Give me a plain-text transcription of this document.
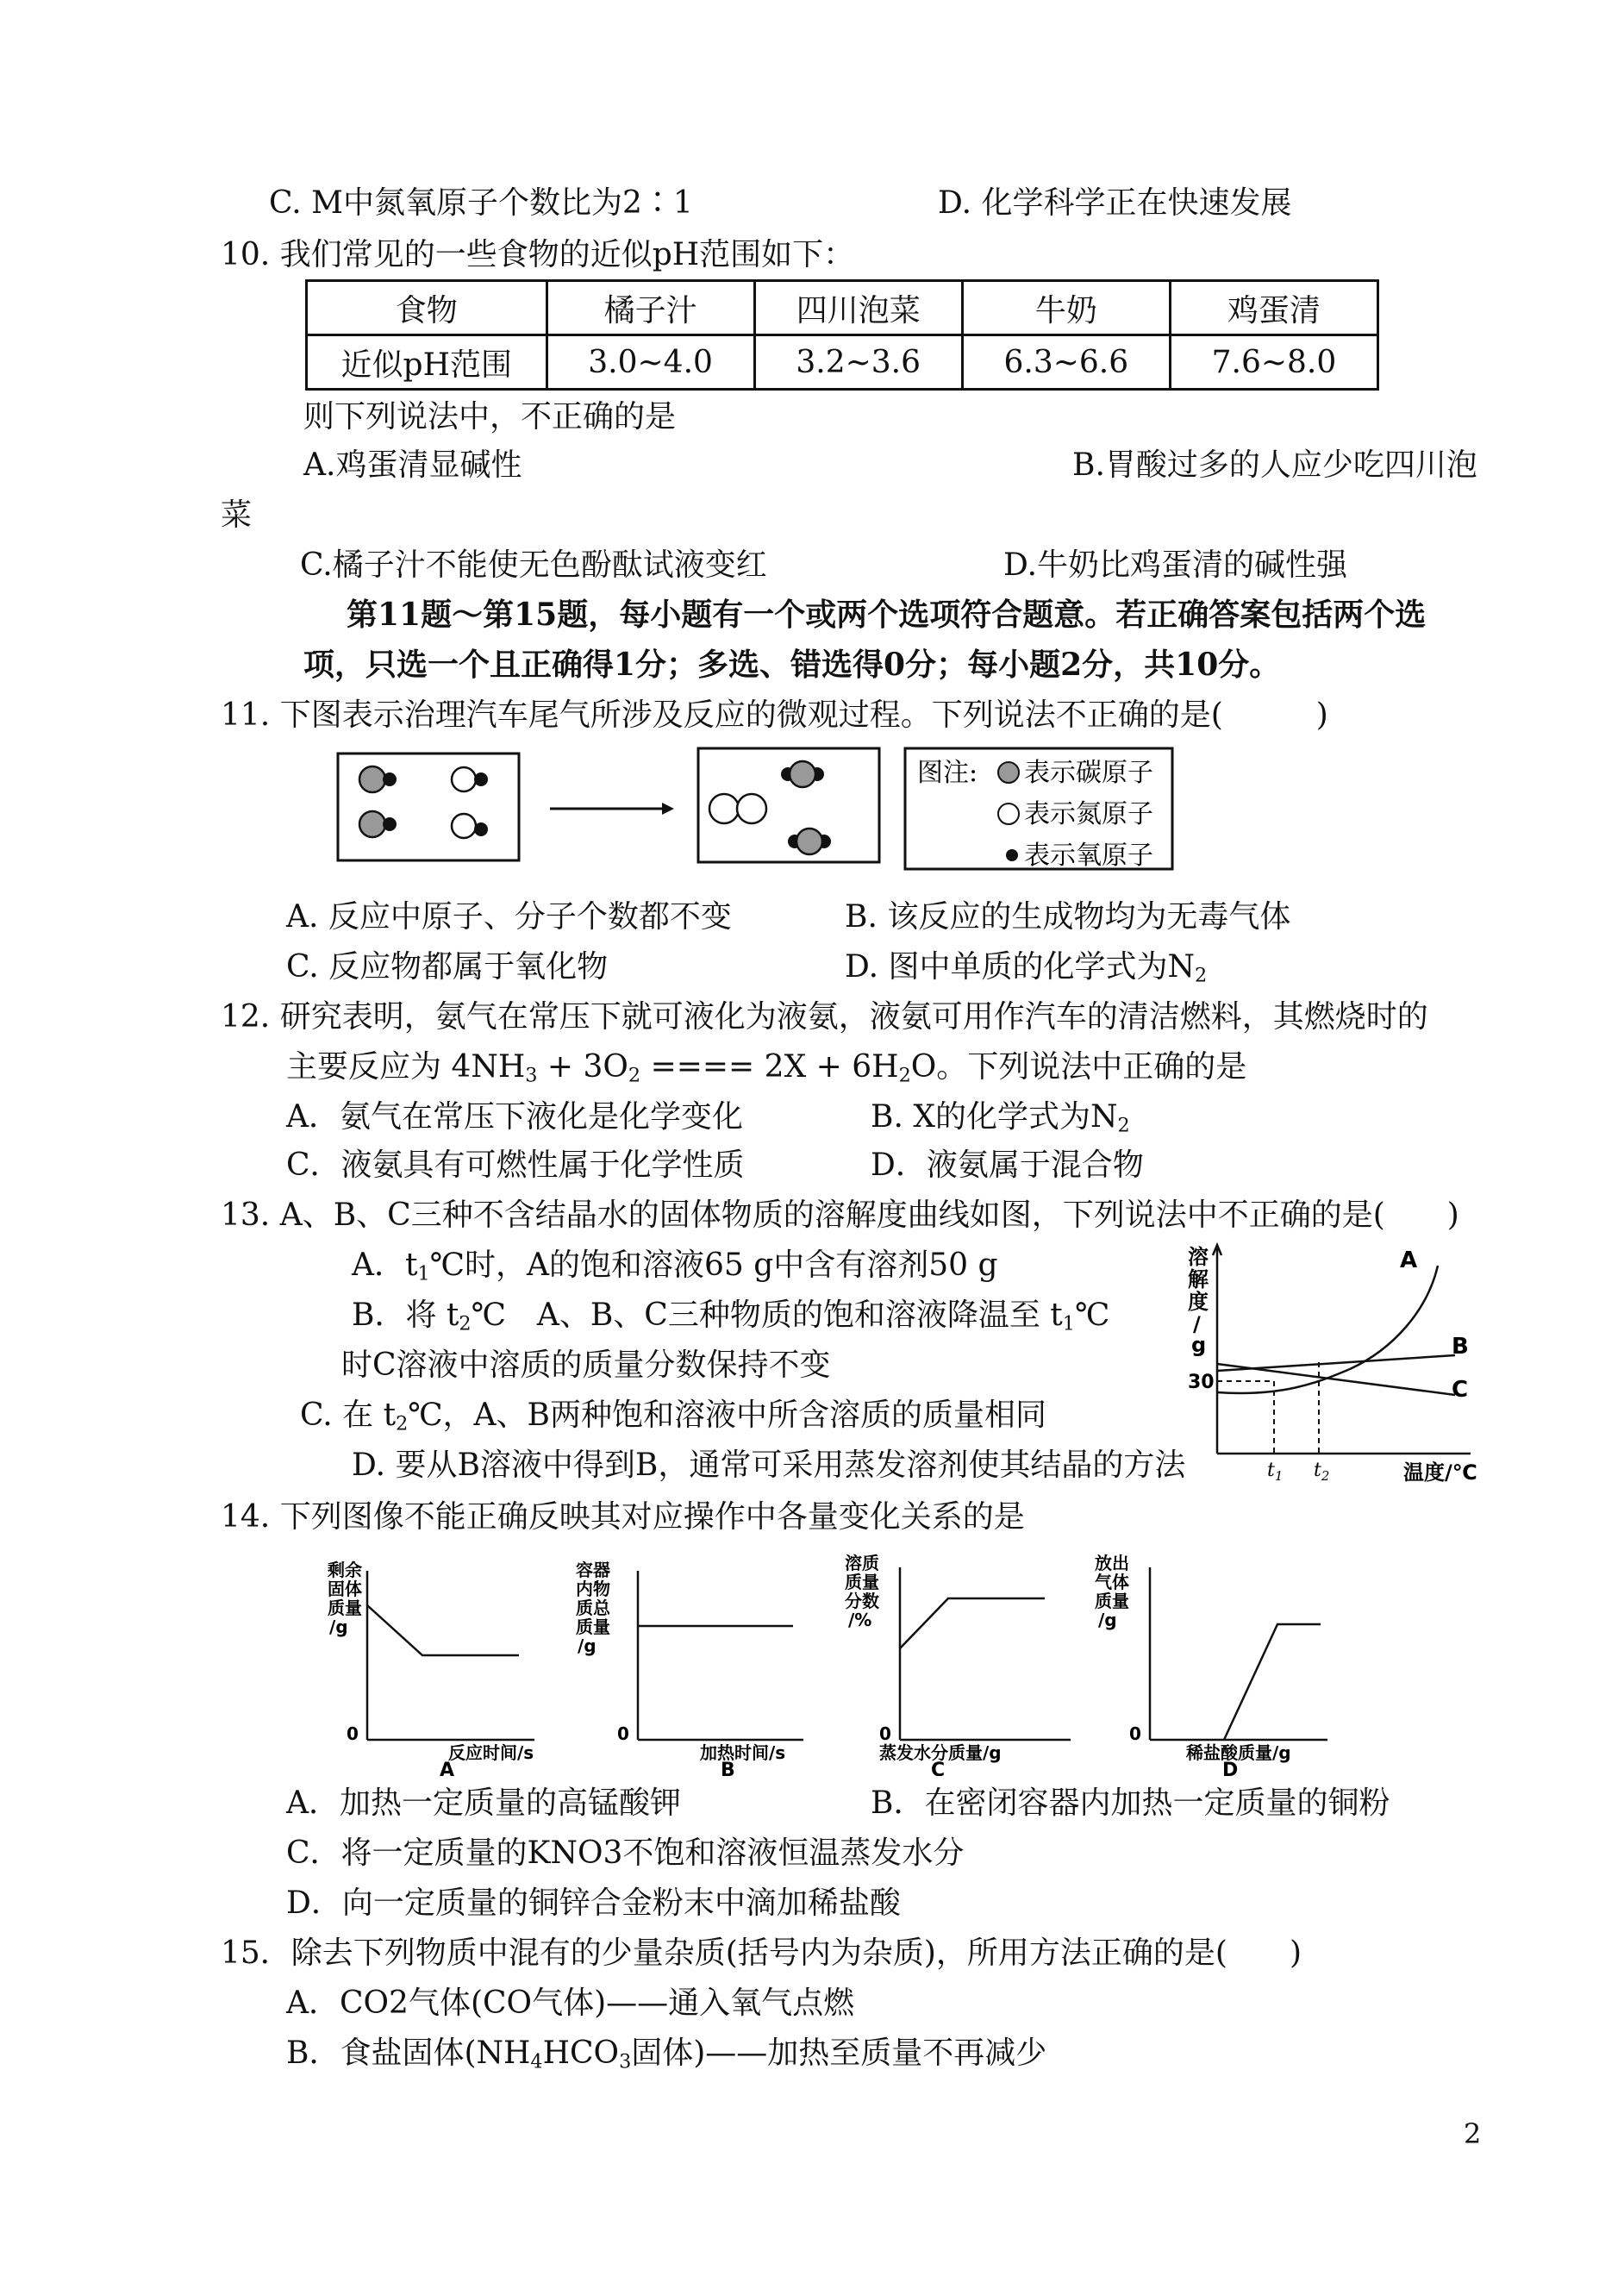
C. M中氮氧原子个数比为2∶1	D. 化学科学正在快速发展
10. 我们常见的一些食物的近似pH范围如下：
食物	橘子汁	四川泡菜	牛奶	鸡蛋清
近似pH范围	3.0~4.0	3.2~3.6	6.3~6.6	7.6~8.0
则下列说法中，不正确的是
A.鸡蛋清显碱性	B.胃酸过多的人应少吃四川泡
菜
C.橘子汁不能使无色酚酞试液变红	D.牛奶比鸡蛋清的碱性强
第11题～第15题，每小题有一个或两个选项符合题意。若正确答案包括两个选
项，只选一个且正确得1分；多选、错选得0分；每小题2分，共10分。
11. 下图表示治理汽车尾气所涉及反应的微观过程。下列说法不正确的是(　　　)
图注: 表示碳原子
表示氮原子
表示氧原子
A. 反应中原子、分子个数都不变	B. 该反应的生成物均为无毒气体
C. 反应物都属于氧化物	D. 图中单质的化学式为$N_2$
12. 研究表明，氨气在常压下就可液化为液氨，液氨可用作汽车的清洁燃料，其燃烧时的
主要反应为 $4NH_3 + 3O_2$ ==== $2X + 6H_2O$。下列说法中正确的是
A．氨气在常压下液化是化学变化	B. X的化学式为$N_2$
C．液氨具有可燃性属于化学性质	D．液氨属于混合物
13. A、B、C三种不含结晶水的固体物质的溶解度曲线如图，下列说法中不正确的是(　　)
A．$t_1℃$时，A的饱和溶液65 g中含有溶剂50 g
B．将 $t_2℃$　A、B、C三种物质的饱和溶液降温至 $t_1℃$
时C溶液中溶质的质量分数保持不变
C. 在 $t_2℃$，A、B两种饱和溶液中所含溶质的质量相同
D. 要从B溶液中得到B，通常可采用蒸发溶剂使其结晶的方法
溶
解
度
/
g
30
$t_1$ $t_2$	温度/℃
A
B
C
14. 下列图像不能正确反映其对应操作中各量变化关系的是
剩余
固体
质量
/g
0
反应时间/s
A
容器
内物
质总
质量
/g
0
加热时间/s
B
溶质
质量
分数
/%
0
蒸发水分质量/g
C
放出
气体
质量
/g
0
稀盐酸质量/g
D
A．加热一定质量的高锰酸钾	B．在密闭容器内加热一定质量的铜粉
C．将一定质量的KNO3不饱和溶液恒温蒸发水分
D．向一定质量的铜锌合金粉末中滴加稀盐酸
15．除去下列物质中混有的少量杂质(括号内为杂质)，所用方法正确的是(　　)
A．CO2气体(CO气体)——通入氧气点燃
B．食盐固体($NH_4HCO_3$固体)——加热至质量不再减少
2
